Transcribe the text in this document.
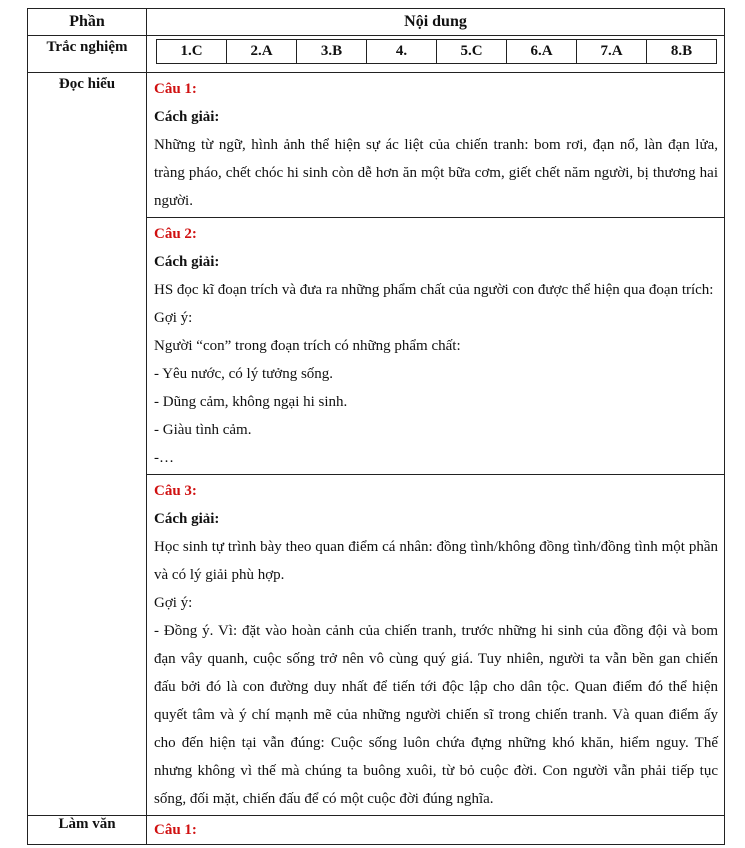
Phần	Nội dung
Trắc nghiệm		1.C	2.A	3.B	4.	5.C	6.A	7.A	8.B

Đọc hiểu	Câu 1:

Cách giải:

Những từ ngữ, hình ảnh thể hiện sự ác liệt của chiến tranh: bom rơi, đạn nổ, làn đạn lửa, tràng pháo, chết chóc hi sinh còn dễ hơn ăn một bữa cơm, giết chết năm người, bị thương hai người.

Câu 2:

Cách giải:

HS đọc kĩ đoạn trích và đưa ra những phẩm chất của người con được thể hiện qua đoạn trích:

Gợi ý:

Người “con” trong đoạn trích có những phẩm chất:

- Yêu nước, có lý tưởng sống.

- Dũng cảm, không ngại hi sinh.

- Giàu tình cảm.

-…

Câu 3:

Cách giải:

Học sinh tự trình bày theo quan điểm cá nhân: đồng tình/không đồng tình/đồng tình một phần và có lý giải phù hợp.

Gợi ý:

- Đồng ý. Vì: đặt vào hoàn cảnh của chiến tranh, trước những hi sinh của đồng đội và bom đạn vây quanh, cuộc sống trở nên vô cùng quý giá. Tuy nhiên, người ta vẫn bền gan chiến đấu bởi đó là con đường duy nhất để tiến tới độc lập cho dân tộc. Quan điểm đó thể hiện quyết tâm và ý chí mạnh mẽ của những người chiến sĩ trong chiến tranh. Và quan điểm ấy cho đến hiện tại vẫn đúng: Cuộc sống luôn chứa đựng những khó khăn, hiểm nguy. Thế nhưng không vì thế mà chúng ta buông xuôi, từ bỏ cuộc đời. Con người vẫn phải tiếp tục sống, đối mặt, chiến đấu để có một cuộc đời đúng nghĩa.

Làm văn	Câu 1:
